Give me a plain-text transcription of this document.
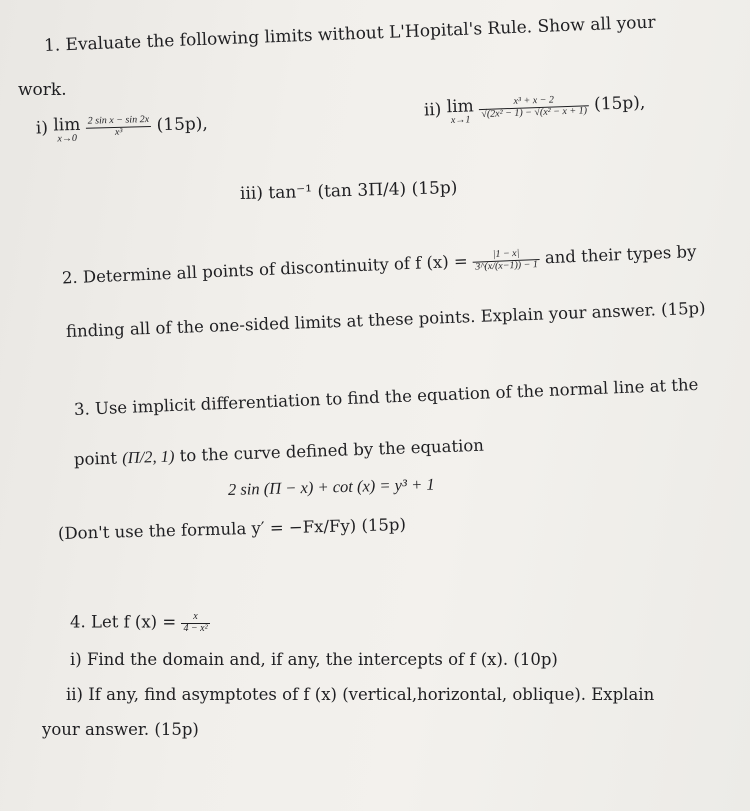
1. Evaluate the following limits without L'Hopital's Rule. Show all your
work.
i) lim
x→0
$\frac{\text{2 sin x − sin 2x}}{\text{x³}} (15p)$,
ii) lim
x→1

x³ + x − 2
√(2x² − 1) − √(x² − x + 1) (15p),
iii) tan⁻¹ (tan 3Π/4) (15p)
2. Determine all points of discontinuity of f $(x) = \frac{|1 - x|}{3\^{}(x/(x-1)) - 1}$ and their types by
finding all of the one-sided limits at these points. Explain your answer. (15p)
3. Use implicit differentiation to find the equation of the normal line at the
point (Π/2, 1) to the curve defined by the equation
2 sin (Π − x) + cot (x) = y³ + 1
(Don't use the formula y′ = −Fx/Fy) (15p)
4. Let f $(x) = \frac{x}{\text{4 − x²}}$
i) Find the domain and, if any, the intercepts of f (x). (10p)
ii) If any, find asymptotes of f (x) (vertical,horizontal, oblique). Explain
your answer. (15p)
